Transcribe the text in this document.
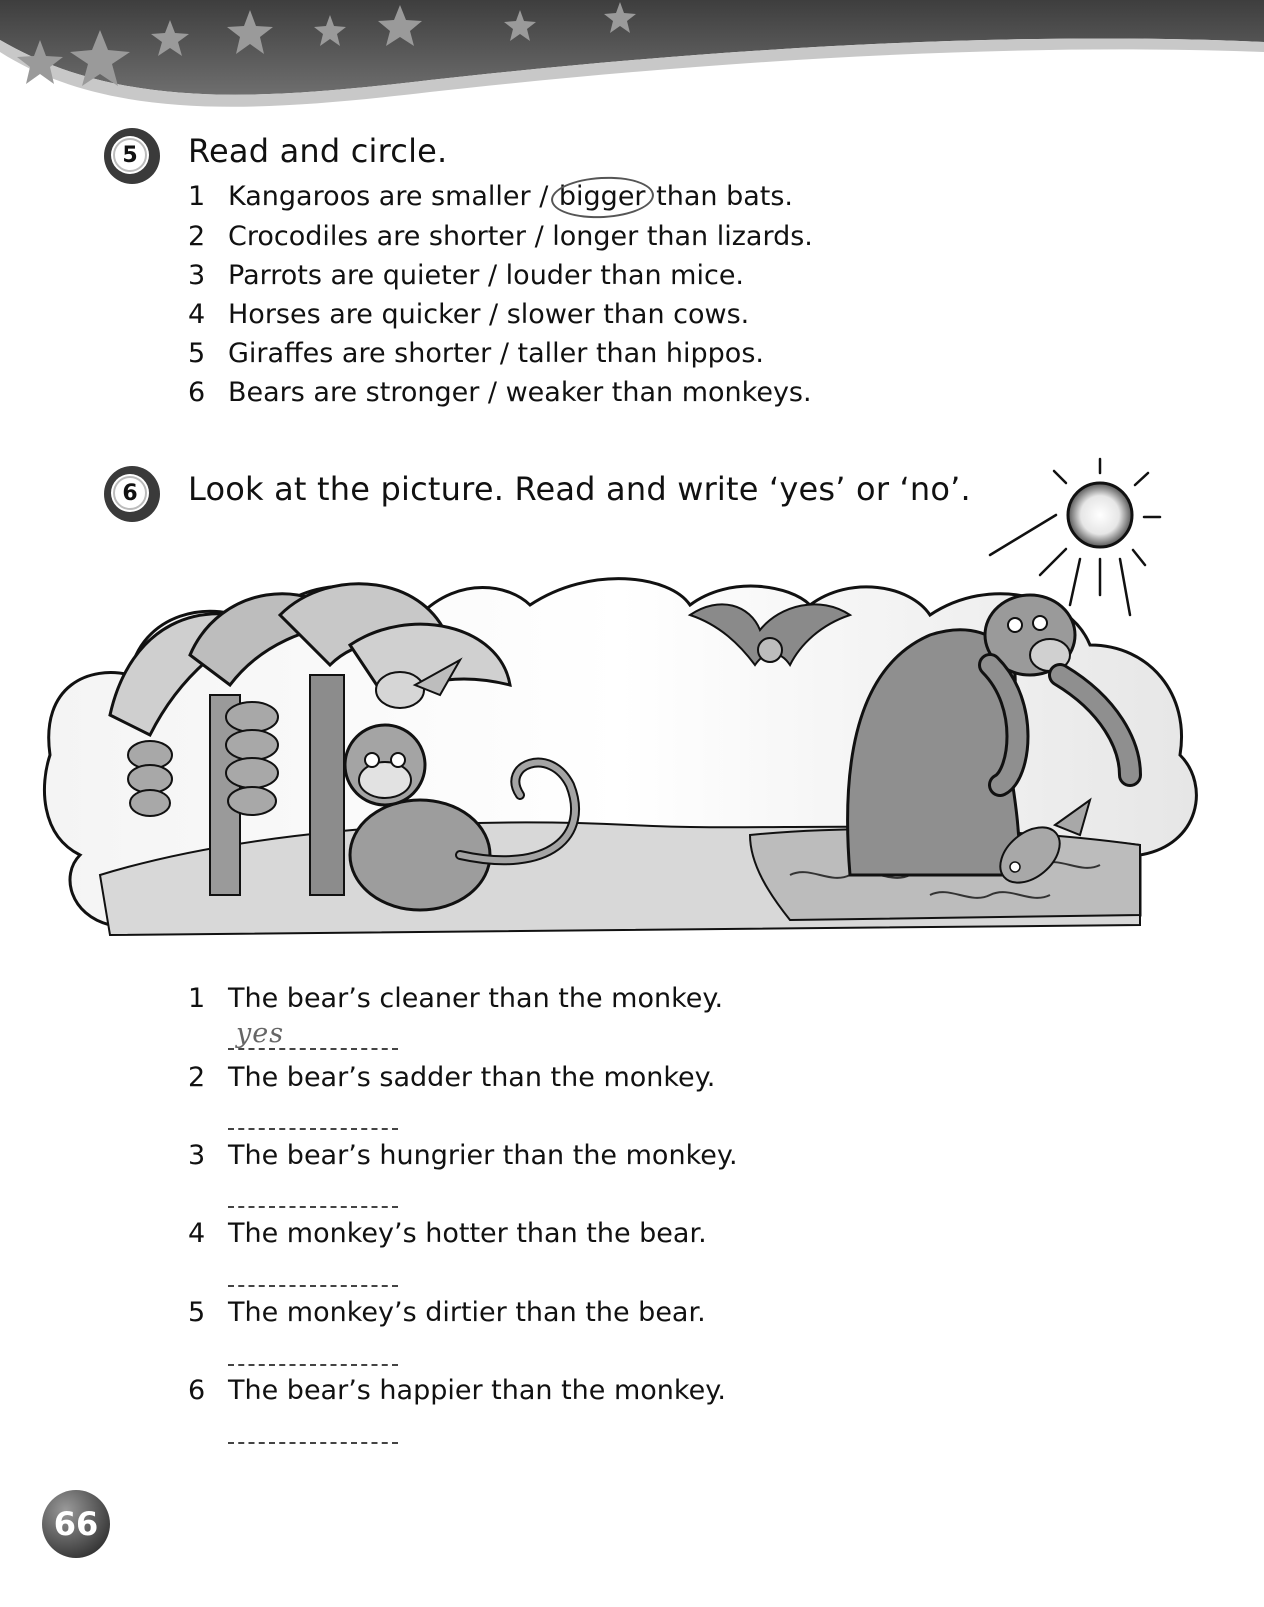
5	Read and circle.
1 Kangaroos are smaller / bigger than bats.
2 Crocodiles are shorter / longer than lizards.
3 Parrots are quieter / louder than mice.
4 Horses are quicker / slower than cows.
5 Giraffes are shorter / taller than hippos.
6 Bears are stronger / weaker than monkeys.
6	Look at the picture. Read and write ‘yes’ or ‘no’.
1 The bear’s cleaner than the monkey.
yes
2 The bear’s sadder than the monkey.
3 The bear’s hungrier than the monkey.
4 The monkey’s hotter than the bear.
5 The monkey’s dirtier than the bear.
6 The bear’s happier than the monkey.
66
